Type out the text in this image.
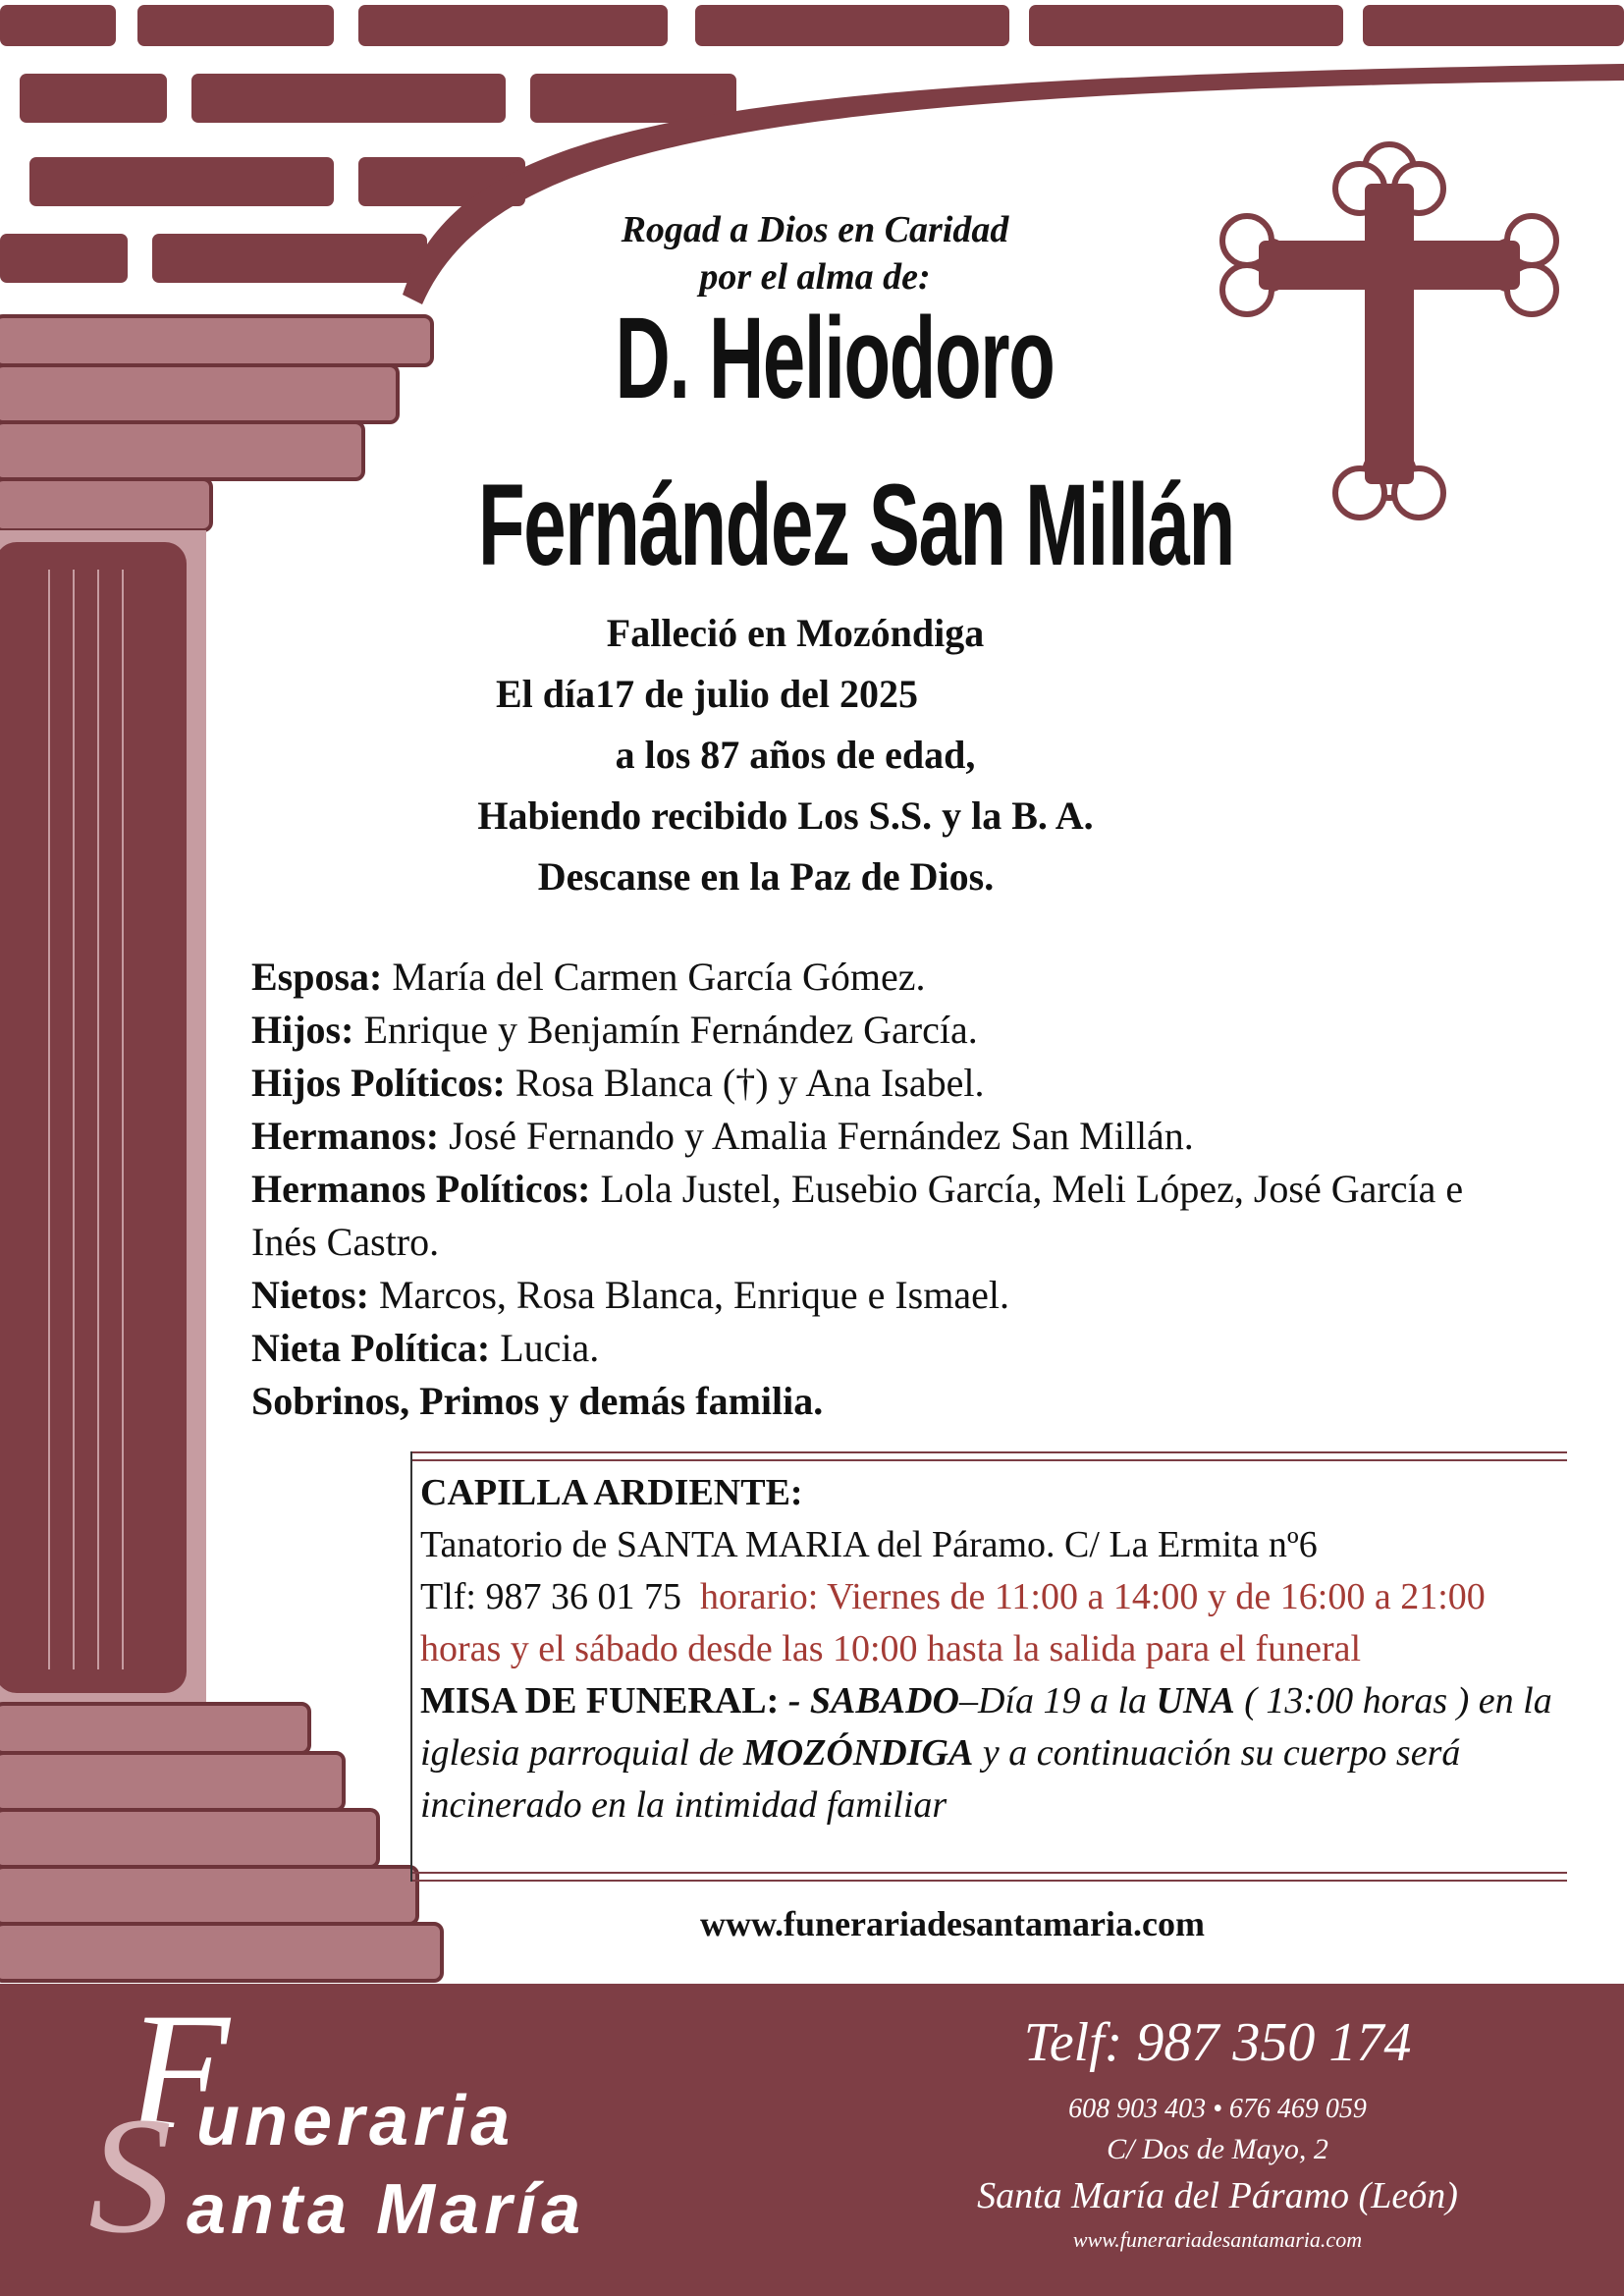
Rogad a Dios en Caridad
por el alma de:
D. Heliodoro
Fernández San Millán
Falleció en Mozóndiga
El día17 de julio del 2025
a los 87 años de edad,
Habiendo recibido Los S.S. y la B. A.
Descanse en la Paz de Dios.

Esposa: María del Carmen García Gómez.

Hijos: Enrique y Benjamín Fernández García.

Hijos Políticos: Rosa Blanca (†) y Ana Isabel.

Hermanos: José Fernando y Amalia Fernández San Millán.

Hermanos Políticos: Lola Justel, Eusebio García, Meli López, José García e Inés Castro.

Nietos: Marcos, Rosa Blanca, Enrique e Ismael.

Nieta Política: Lucia.

Sobrinos, Primos y demás familia.

CAPILLA ARDIENTE:

Tanatorio de SANTA MARIA del Páramo. C/ La Ermita nº6

Tlf: 987 36 01 75 horario: Viernes de 11:00 a 14:00 y de 16:00 a 21:00 horas y el sábado desde las 10:00 hasta la salida para el funeral

MISA DE FUNERAL: - SABADO–Día 19 a la UNA ( 13:00 horas ) en la iglesia parroquial de MOZÓNDIGA y a continuación su cuerpo será incinerado en la intimidad familiar

www.funerariadesantamaria.com
F
S uneraria
anta María
Telf: 987 350 174
608 903 403 • 676 469 059
C/ Dos de Mayo, 2
Santa María del Páramo (León)
www.funerariadesantamaria.com
